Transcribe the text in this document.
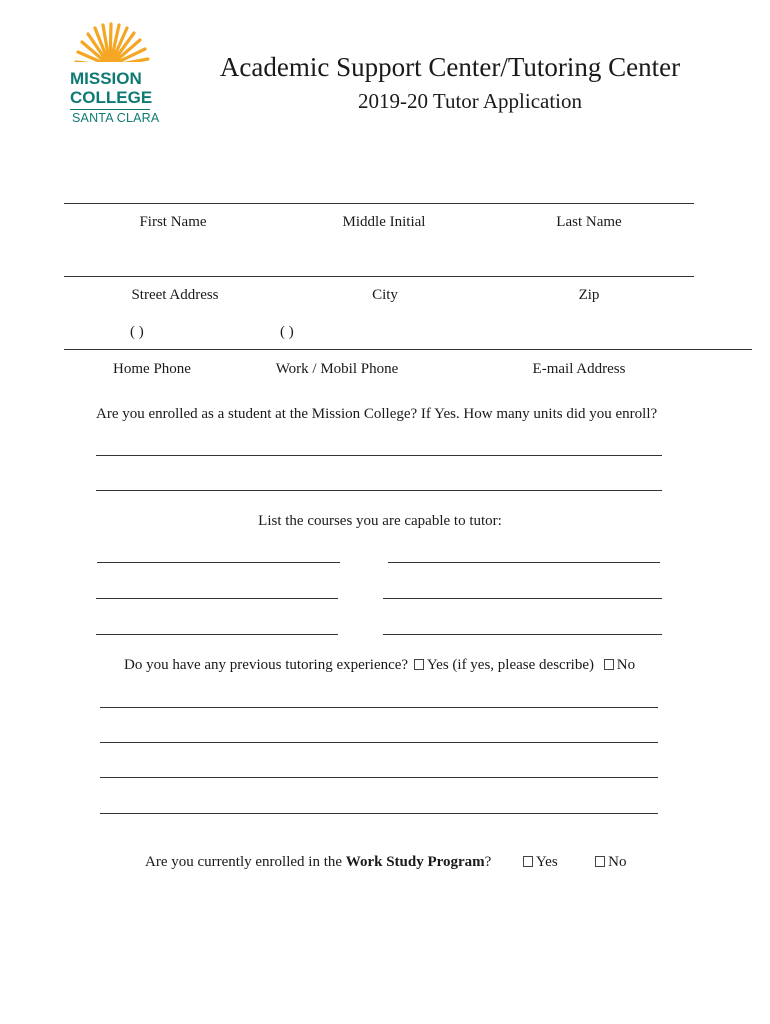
MISSION
COLLEGE
SANTA CLARA
Academic Support Center/Tutoring Center
2019-20 Tutor Application
First Name	Middle Initial	Last Name
Street Address	City	Zip
( )	( )
Home Phone	Work / Mobil Phone	E-mail Address
Are you enrolled as a student at the Mission College? If Yes. How many units did you enroll?
List the courses you are capable to tutor:
Do you have any previous tutoring experience? Yes (if yes, please describe) No
Are you currently enrolled in the Work Study Program?	Yes	No
